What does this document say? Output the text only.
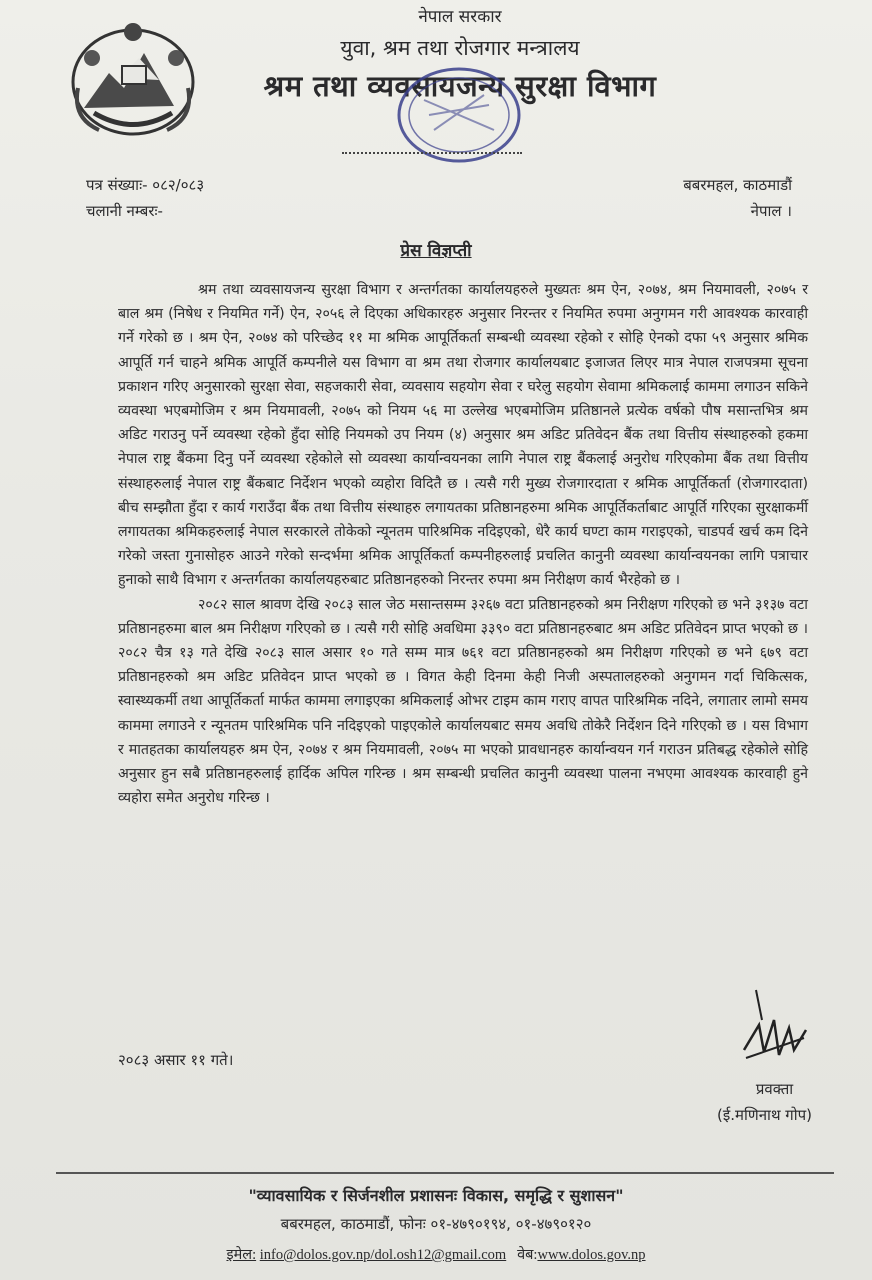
नेपाल सरकार
युवा, श्रम तथा रोजगार मन्त्रालय
श्रम तथा व्यवसायजन्य सुरक्षा विभाग
पत्र संख्याः- ०८२/०८३
चलानी नम्बरः-
बबरमहल, काठमाडौं
नेपाल ।
प्रेस विज्ञप्ती

श्रम तथा व्यवसायजन्य सुरक्षा विभाग र अन्तर्गतका कार्यालयहरुले मुख्यतः श्रम ऐन, २०७४, श्रम नियमावली, २०७५ र बाल श्रम (निषेध र नियमित गर्ने) ऐन, २०५६ ले दिएका अधिकारहरु अनुसार निरन्तर र नियमित रुपमा अनुगमन गरी आवश्यक कारवाही गर्ने गरेको छ । श्रम ऐन, २०७४ को परिच्छेद ११ मा श्रमिक आपूर्तिकर्ता सम्बन्धी व्यवस्था रहेको र सोहि ऐनको दफा ५९ अनुसार श्रमिक आपूर्ति गर्न चाहने श्रमिक आपूर्ति कम्पनीले यस विभाग वा श्रम तथा रोजगार कार्यालयबाट इजाजत लिएर मात्र नेपाल राजपत्रमा सूचना प्रकाशन गरिए अनुसारको सुरक्षा सेवा, सहजकारी सेवा, व्यवसाय सहयोग सेवा र घरेलु सहयोग सेवामा श्रमिकलाई काममा लगाउन सकिने व्यवस्था भएबमोजिम र श्रम नियमावली, २०७५ को नियम ५६ मा उल्लेख भएबमोजिम प्रतिष्ठानले प्रत्येक वर्षको पौष मसान्तभित्र श्रम अडिट गराउनु पर्ने व्यवस्था रहेको हुँदा सोहि नियमको उप नियम (४) अनुसार श्रम अडिट प्रतिवेदन बैंक तथा वित्तीय संस्थाहरुको हकमा नेपाल राष्ट्र बैंकमा दिनु पर्ने व्यवस्था रहेकोले सो व्यवस्था कार्यान्वयनका लागि नेपाल राष्ट्र बैंकलाई अनुरोध गरिएकोमा बैंक तथा वित्तीय संस्थाहरुलाई नेपाल राष्ट्र बैंकबाट निर्देशन भएको व्यहोरा विदितै छ । त्यसै गरी मुख्य रोजगारदाता र श्रमिक आपूर्तिकर्ता (रोजगारदाता) बीच सम्झौता हुँदा र कार्य गराउँदा बैंक तथा वित्तीय संस्थाहरु लगायतका प्रतिष्ठानहरुमा श्रमिक आपूर्तिकर्ताबाट आपूर्ति गरिएका सुरक्षाकर्मी लगायतका श्रमिकहरुलाई नेपाल सरकारले तोकेको न्यूनतम पारिश्रमिक नदिइएको, धेरै कार्य घण्टा काम गराइएको, चाडपर्व खर्च कम दिने गरेको जस्ता गुनासोहरु आउने गरेको सन्दर्भमा श्रमिक आपूर्तिकर्ता कम्पनीहरुलाई प्रचलित कानुनी व्यवस्था कार्यान्वयनका लागि पत्राचार हुनाको साथै विभाग र अन्तर्गतका कार्यालयहरुबाट प्रतिष्ठानहरुको निरन्तर रुपमा श्रम निरीक्षण कार्य भैरहेको छ ।

२०८२ साल श्रावण देखि २०८३ साल जेठ मसान्तसम्म ३२६७ वटा प्रतिष्ठानहरुको श्रम निरीक्षण गरिएको छ भने ३१३७ वटा प्रतिष्ठानहरुमा बाल श्रम निरीक्षण गरिएको छ । त्यसै गरी सोहि अवधिमा ३३९० वटा प्रतिष्ठानहरुबाट श्रम अडिट प्रतिवेदन प्राप्त भएको छ । २०८२ चैत्र १३ गते देखि २०८३ साल असार १० गते सम्म मात्र ७६१ वटा प्रतिष्ठानहरुको श्रम निरीक्षण गरिएको छ भने ६७९ वटा प्रतिष्ठानहरुको श्रम अडिट प्रतिवेदन प्राप्त भएको छ । विगत केही दिनमा केही निजी अस्पतालहरुको अनुगमन गर्दा चिकित्सक, स्वास्थ्यकर्मी तथा आपूर्तिकर्ता मार्फत काममा लगाइएका श्रमिकलाई ओभर टाइम काम गराए वापत पारिश्रमिक नदिने, लगातार लामो समय काममा लगाउने र न्यूनतम पारिश्रमिक पनि नदिइएको पाइएकोले कार्यालयबाट समय अवधि तोकेरै निर्देशन दिने गरिएको छ । यस विभाग र मातहतका कार्यालयहरु श्रम ऐन, २०७४ र श्रम नियमावली, २०७५ मा भएको प्रावधानहरु कार्यान्वयन गर्न गराउन प्रतिबद्ध रहेकोले सोहि अनुसार हुन सबै प्रतिष्ठानहरुलाई हार्दिक अपिल गरिन्छ । श्रम सम्बन्धी प्रचलित कानुनी व्यवस्था पालना नभएमा आवश्यक कारवाही हुने व्यहोरा समेत अनुरोध गरिन्छ ।

२०८३ असार ११ गते।
प्रवक्ता
(ई.मणिनाथ गोप)
"व्यावसायिक र सिर्जनशील प्रशासनः विकास, समृद्धि र सुशासन"
बबरमहल, काठमाडौं, फोनः ०१-४७९०१९४, ०१-४७९०१२०
इमेल: info@dolos.gov.np/dol.osh12@gmail.com वेब:www.dolos.gov.np
